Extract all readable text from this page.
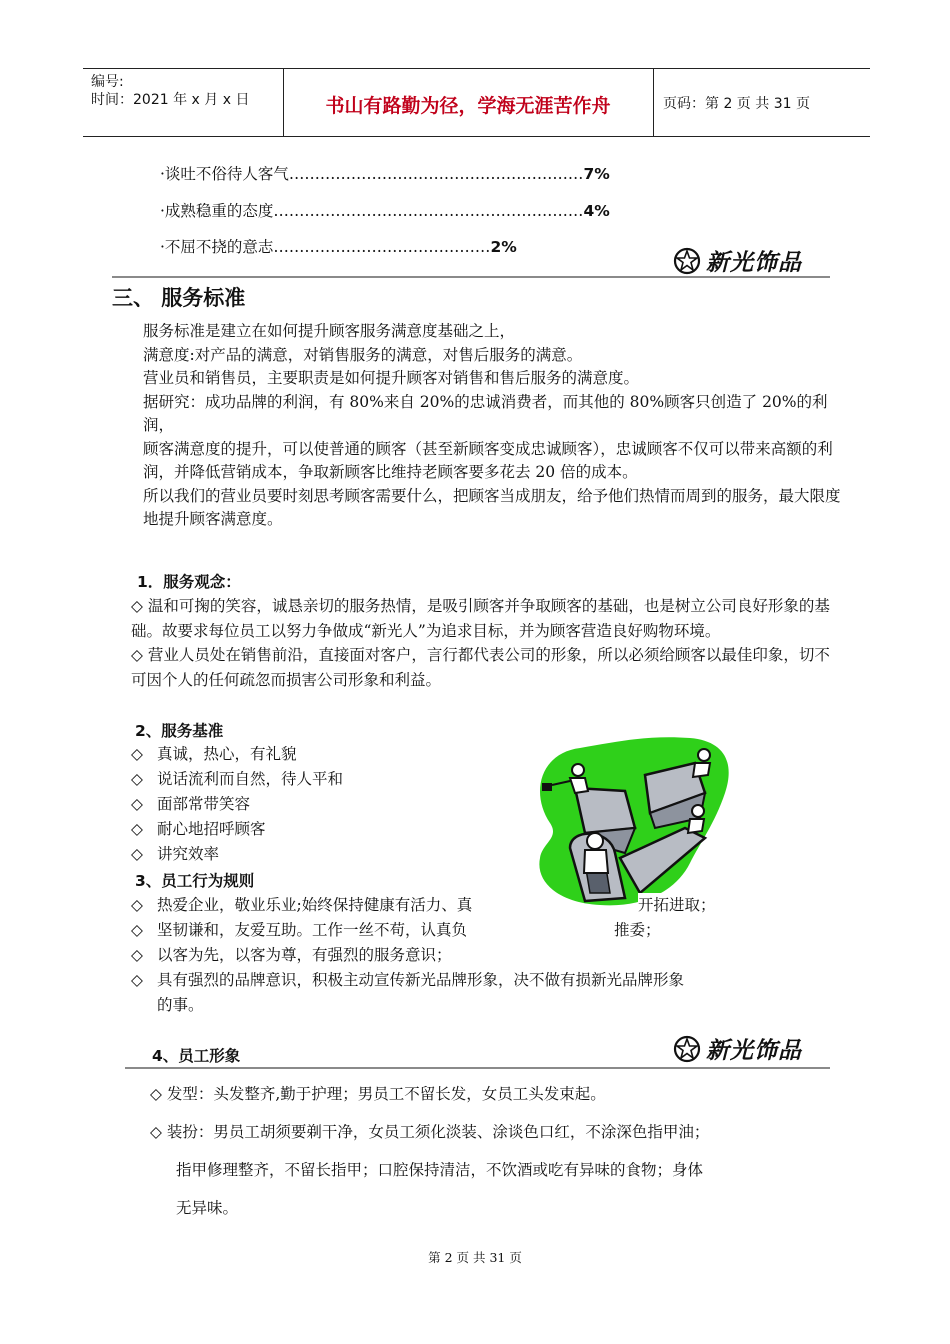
编号:
时间：2021 年 x 月 x 日	书山有路勤为径，学海无涯苦作舟	页码：第 2 页 共 31 页
·谈吐不俗待人客气…………………………………………………7%
·成熟稳重的态度……………………………………………………4%
·不屈不挠的意志……………………………………2%
新光饰品
三、 服务标准

服务标准是建立在如何提升顾客服务满意度基础之上，

满意度:对产品的满意，对销售服务的满意，对售后服务的满意。

营业员和销售员，主要职责是如何提升顾客对销售和售后服务的满意度。

据研究：成功品牌的利润，有 80%来自 20%的忠诚消费者，而其他的 80%顾客只创造了 20%的利润，

顾客满意度的提升，可以使普通的顾客（甚至新顾客变成忠诚顾客），忠诚顾客不仅可以带来高额的利润，并降低营销成本，争取新顾客比维持老顾客要多花去 20 倍的成本。

所以我们的营业员要时刻思考顾客需要什么，把顾客当成朋友，给予他们热情而周到的服务，最大限度地提升顾客满意度。

1．服务观念：

◇ 温和可掬的笑容，诚恳亲切的服务热情，是吸引顾客并争取顾客的基础，也是树立公司良好形象的基础。故要求每位员工以努力争做成“新光人”为追求目标，并为顾客营造良好购物环境。

◇ 营业人员处在销售前沿，直接面对客户，言行都代表公司的形象，所以必须给顾客以最佳印象，切不可因个人的任何疏忽而损害公司形象和利益。

2、服务基准
◇ 真诚，热心，有礼貌
◇ 说话流利而自然，待人平和
◇ 面部常带笑容
◇ 耐心地招呼顾客
◇ 讲究效率
3、员工行为规则
◇ 热爱企业，敬业乐业;始终保持健康有活力、真
◇ 坚韧谦和，友爱互助。工作一丝不苟，认真负
◇ 以客为先，以客为尊，有强烈的服务意识；
◇ 具有强烈的品牌意识，积极主动宣传新光品牌形象，决不做有损新光品牌形象
的事。
开拓进取；
推委；
4、员工形象	新光饰品
◇ 发型：头发整齐,勤于护理；男员工不留长发，女员工头发束起。
◇ 装扮：男员工胡须要剃干净，女员工须化淡装、涂谈色口红，不涂深色指甲油；
指甲修理整齐，不留长指甲；口腔保持清洁，不饮酒或吃有异味的食物；身体
无异味。
第 2 页 共 31 页
